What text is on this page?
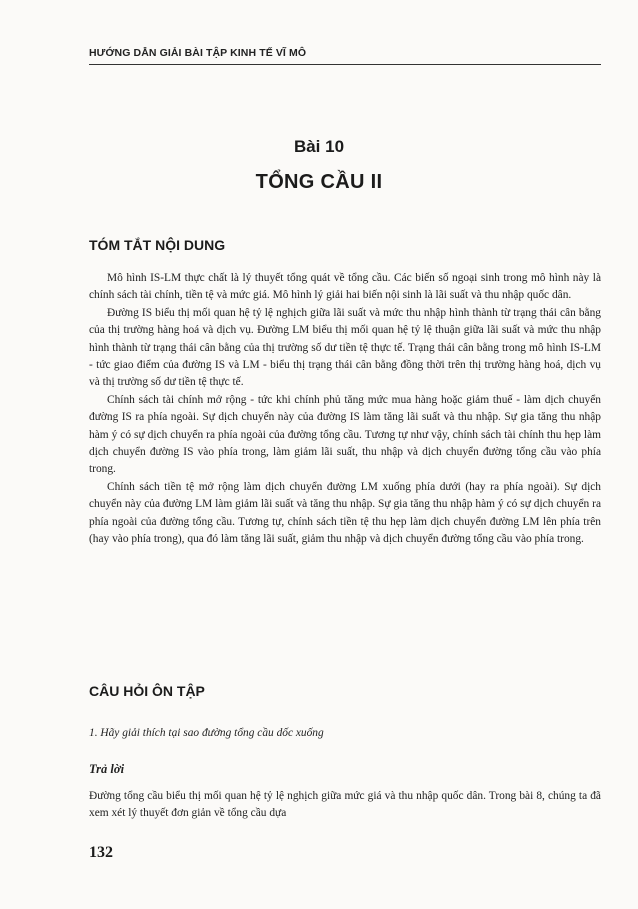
HƯỚNG DẪN GIẢI BÀI TẬP KINH TẾ VĨ MÔ
Bài 10
TỔNG CẦU II
TÓM TẮT NỘI DUNG

Mô hình IS-LM thực chất là lý thuyết tổng quát về tổng cầu. Các biến số ngoại sinh trong mô hình này là chính sách tài chính, tiền tệ và mức giá. Mô hình lý giải hai biến nội sinh là lãi suất và thu nhập quốc dân.

Đường IS biểu thị mối quan hệ tỷ lệ nghịch giữa lãi suất và mức thu nhập hình thành từ trạng thái cân bằng của thị trường hàng hoá và dịch vụ. Đường LM biểu thị mối quan hệ tỷ lệ thuận giữa lãi suất và mức thu nhập hình thành từ trạng thái cân bằng của thị trường số dư tiền tệ thực tế. Trạng thái cân bằng trong mô hình IS-LM - tức giao điểm của đường IS và LM - biểu thị trạng thái cân bằng đồng thời trên thị trường hàng hoá, dịch vụ và thị trường số dư tiền tệ thực tế.

Chính sách tài chính mở rộng - tức khi chính phủ tăng mức mua hàng hoặc giảm thuế - làm dịch chuyển đường IS ra phía ngoài. Sự dịch chuyển này của đường IS làm tăng lãi suất và thu nhập. Sự gia tăng thu nhập hàm ý có sự dịch chuyển ra phía ngoài của đường tổng cầu. Tương tự như vậy, chính sách tài chính thu hẹp làm dịch chuyển đường IS vào phía trong, làm giảm lãi suất, thu nhập và dịch chuyển đường tổng cầu vào phía trong.

Chính sách tiền tệ mở rộng làm dịch chuyển đường LM xuống phía dưới (hay ra phía ngoài). Sự dịch chuyển này của đường LM làm giảm lãi suất và tăng thu nhập. Sự gia tăng thu nhập hàm ý có sự dịch chuyển ra phía ngoài của đường tổng cầu. Tương tự, chính sách tiền tệ thu hẹp làm dịch chuyển đường LM lên phía trên (hay vào phía trong), qua đó làm tăng lãi suất, giảm thu nhập và dịch chuyển đường tổng cầu vào phía trong.

CÂU HỎI ÔN TẬP
1. Hãy giải thích tại sao đường tổng cầu dốc xuống
Trả lời

Đường tổng cầu biểu thị mối quan hệ tỷ lệ nghịch giữa mức giá và thu nhập quốc dân. Trong bài 8, chúng ta đã xem xét lý thuyết đơn giản về tổng cầu dựa

132
